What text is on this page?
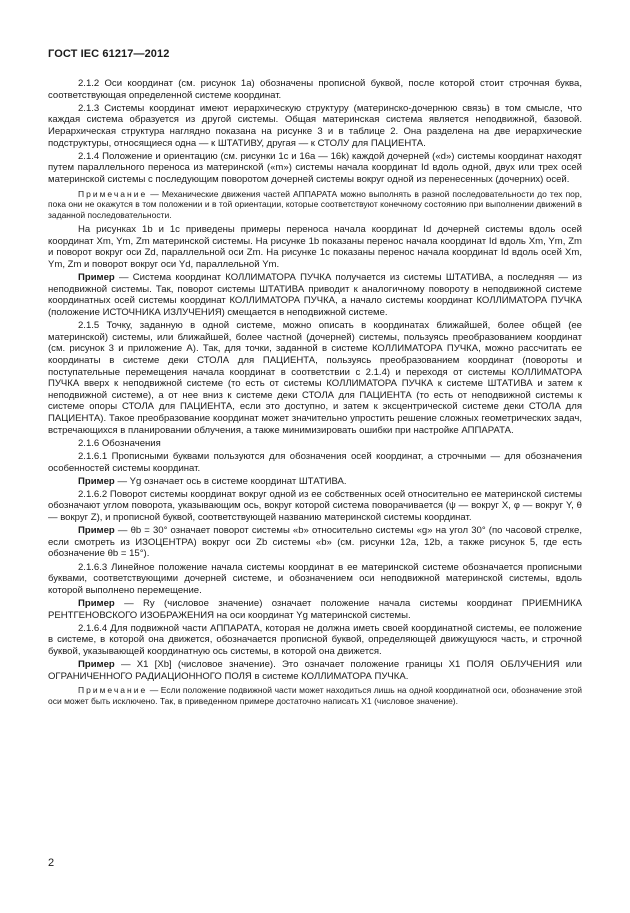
ГОСТ IEC 61217—2012

2.1.2 Оси координат (см. рисунок 1а) обозначены прописной буквой, после которой стоит строчная буква, соответствующая определенной системе координат.

2.1.3 Системы координат имеют иерархическую структуру (материнско-дочернюю связь) в том смысле, что каждая система образуется из другой системы. Общая материнская система является неподвижной, базовой. Иерархическая структура наглядно показана на рисунке 3 и в таблице 2. Она разделена на две иерархические подструктуры, относящиеся одна — к ШТАТИВУ, другая — к СТОЛУ для ПАЦИЕНТА.

2.1.4 Положение и ориентацию (см. рисунки 1с и 16а — 16k) каждой дочерней («d») системы координат находят путем параллельного переноса из материнской («m») системы начала координат Id вдоль одной, двух или трех осей материнской системы с последующим поворотом дочерней системы вокруг одной из перенесенных (дочерних) осей.

Примечание — Механические движения частей АППАРАТА можно выполнять в разной последовательности до тех пор, пока они не окажутся в том положении и в той ориентации, которые соответствуют конечному состоянию при выполнении движений в заданной последовательности.

На рисунках 1b и 1с приведены примеры переноса начала координат Id дочерней системы вдоль осей координат Xm, Ym, Zm материнской системы. На рисунке 1b показаны перенос начала координат Id вдоль Xm, Ym, Zm и поворот вокруг оси Zd, параллельной оси Zm. На рисунке 1с показаны перенос начала координат Id вдоль осей Xm, Ym, Zm и поворот вокруг оси Yd, параллельной Ym.

Пример — Система координат КОЛЛИМАТОРА ПУЧКА получается из системы ШТАТИВА, а последняя — из неподвижной системы. Так, поворот системы ШТАТИВА приводит к аналогичному повороту в неподвижной системе координатных осей системы координат КОЛЛИМАТОРА ПУЧКА, а начало системы координат КОЛЛИМАТОРА ПУЧКА (положение ИСТОЧНИКА ИЗЛУЧЕНИЯ) смещается в неподвижной системе.

2.1.5 Точку, заданную в одной системе, можно описать в координатах ближайшей, более общей (ее материнской) системы, или ближайшей, более частной (дочерней) системы, пользуясь преобразованием координат (см. рисунок 3 и приложение А). Так, для точки, заданной в системе КОЛЛИМАТОРА ПУЧКА, можно рассчитать ее координаты в системе деки СТОЛА для ПАЦИЕНТА, пользуясь преобразованием координат (повороты и поступательные перемещения начала координат в соответствии с 2.1.4) и переходя от системы КОЛЛИМАТОРА ПУЧКА вверх к неподвижной системе (то есть от системы КОЛЛИМАТОРА ПУЧКА к системе ШТАТИВА и затем к неподвижной системе), а от нее вниз к системе деки СТОЛА для ПАЦИЕНТА (то есть от неподвижной системы к системе опоры СТОЛА для ПАЦИЕНТА, если это доступно, и затем к эксцентрической системе деки СТОЛА для ПАЦИЕНТА). Такое преобразование координат может значительно упростить решение сложных геометрических задач, встречающихся в планировании облучения, а также минимизировать ошибки при настройке АППАРАТА.

2.1.6 Обозначения

2.1.6.1 Прописными буквами пользуются для обозначения осей координат, а строчными — для обозначения особенностей системы координат.

Пример — Yg означает ось в системе координат ШТАТИВА.

2.1.6.2 Поворот системы координат вокруг одной из ее собственных осей относительно ее материнской системы обозначают углом поворота, указывающим ось, вокруг которой система поворачивается (ψ — вокруг X, φ — вокруг Y, θ — вокруг Z), и прописной буквой, соответствующей названию материнской системы координат.

Пример — θb = 30° означает поворот системы «b» относительно системы «g» на угол 30° (по часовой стрелке, если смотреть из ИЗОЦЕНТРА) вокруг оси Zb системы «b» (см. рисунки 12а, 12b, а также рисунок 5, где есть обозначение θb = 15°).

2.1.6.3 Линейное положение начала системы координат в ее материнской системе обозначается прописными буквами, соответствующими дочерней системе, и обозначением оси неподвижной материнской системы, вдоль которой выполнено перемещение.

Пример — Ry (числовое значение) означает положение начала системы координат ПРИЕМНИКА РЕНТГЕНОВСКОГО ИЗОБРАЖЕНИЯ на оси координат Yg материнской системы.

2.1.6.4 Для подвижной части АППАРАТА, которая не должна иметь своей координатной системы, ее положение в системе, в которой она движется, обозначается прописной буквой, определяющей движущуюся часть, и строчной буквой, указывающей координатную ось системы, в которой она движется.

Пример — X1 [Xb] (числовое значение). Это означает положение границы X1 ПОЛЯ ОБЛУЧЕНИЯ или ОГРАНИЧЕННОГО РАДИАЦИОННОГО ПОЛЯ в системе КОЛЛИМАТОРА ПУЧКА.

Примечание — Если положение подвижной части может находиться лишь на одной координатной оси, обозначение этой оси может быть исключено. Так, в приведенном примере достаточно написать X1 (числовое значение).

2
